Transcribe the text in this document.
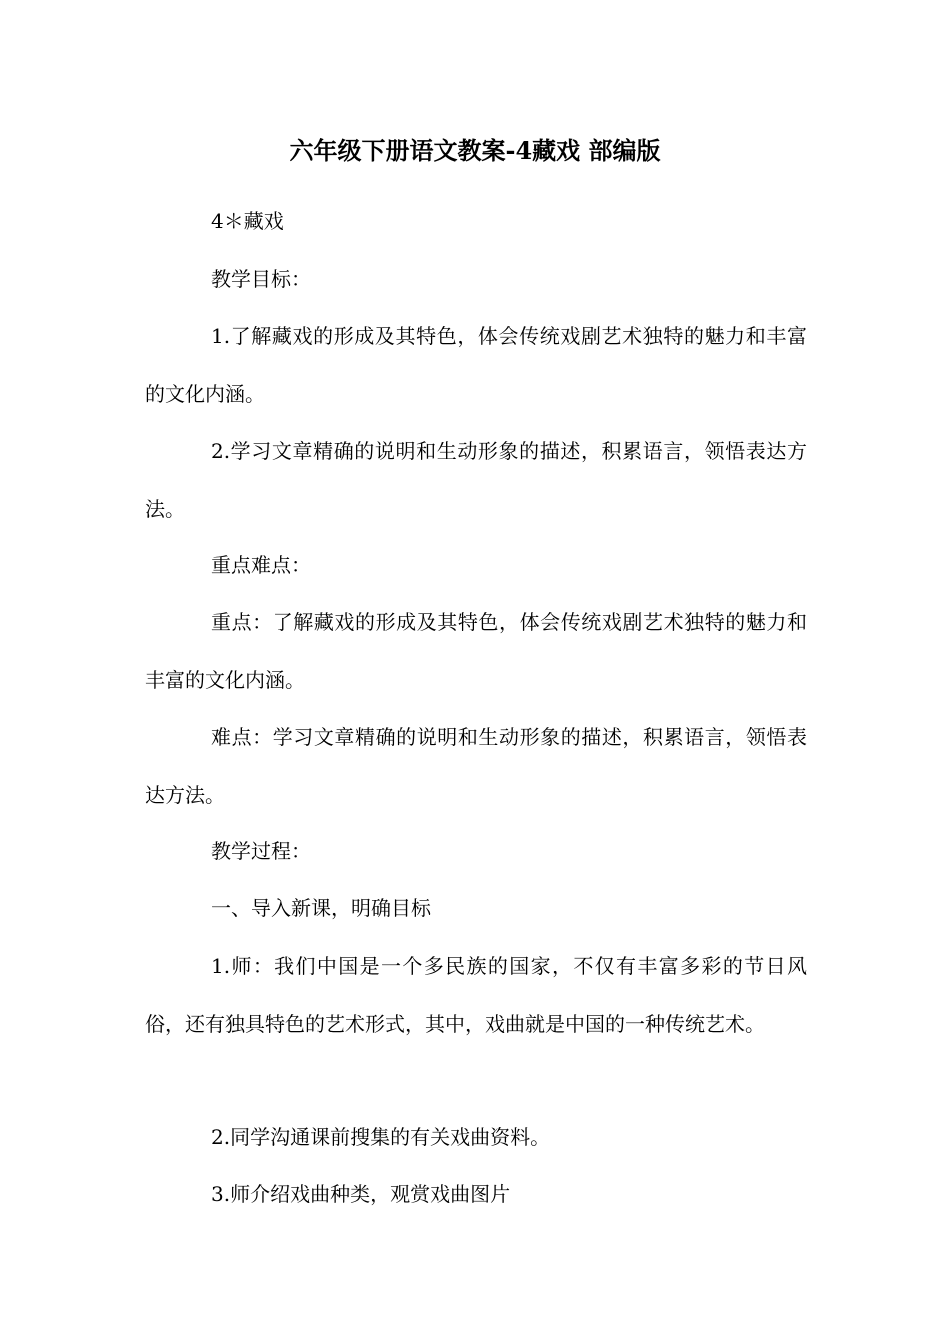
六年级下册语文教案-4藏戏 部编版

4＊藏戏

教学目标：

1.了解藏戏的形成及其特色，体会传统戏剧艺术独特的魅力和丰富的文化内涵。

2.学习文章精确的说明和生动形象的描述，积累语言，领悟表达方法。

重点难点：

重点：了解藏戏的形成及其特色，体会传统戏剧艺术独特的魅力和丰富的文化内涵。

难点：学习文章精确的说明和生动形象的描述，积累语言，领悟表达方法。

教学过程：

一、导入新课，明确目标

1.师：我们中国是一个多民族的国家，不仅有丰富多彩的节日风俗，还有独具特色的艺术形式，其中，戏曲就是中国的一种传统艺术。

2.同学沟通课前搜集的有关戏曲资料。

3.师介绍戏曲种类，观赏戏曲图片
